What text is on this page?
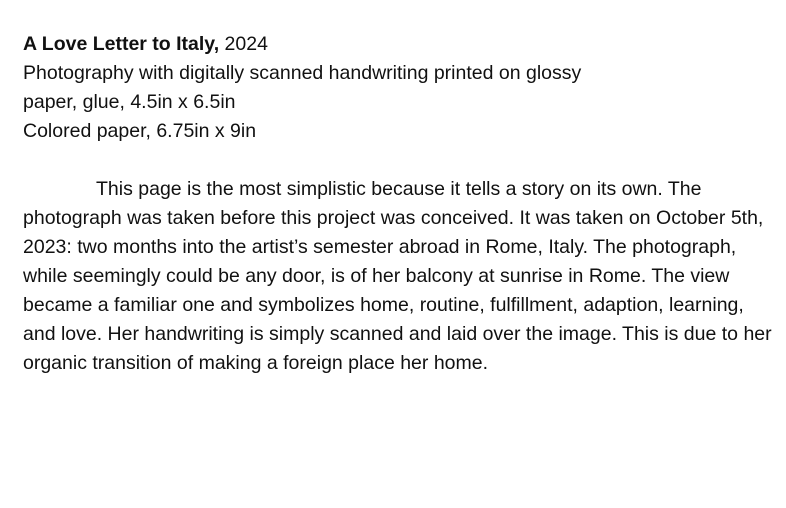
A Love Letter to Italy, 2024

Photography with digitally scanned handwriting printed on glossy

paper, glue, 4.5in x 6.5in

Colored paper, 6.75in x 9in

This page is the most simplistic because it tells a story on its own. The photograph was taken before this project was conceived. It was taken on October 5th, 2023: two months into the artist’s semester abroad in Rome, Italy. The photograph, while seemingly could be any door, is of her balcony at sunrise in Rome. The view became a familiar one and symbolizes home, routine, fulfillment, adaption, learning, and love. Her handwriting is simply scanned and laid over the image. This is due to her organic transition of making a foreign place her home.
